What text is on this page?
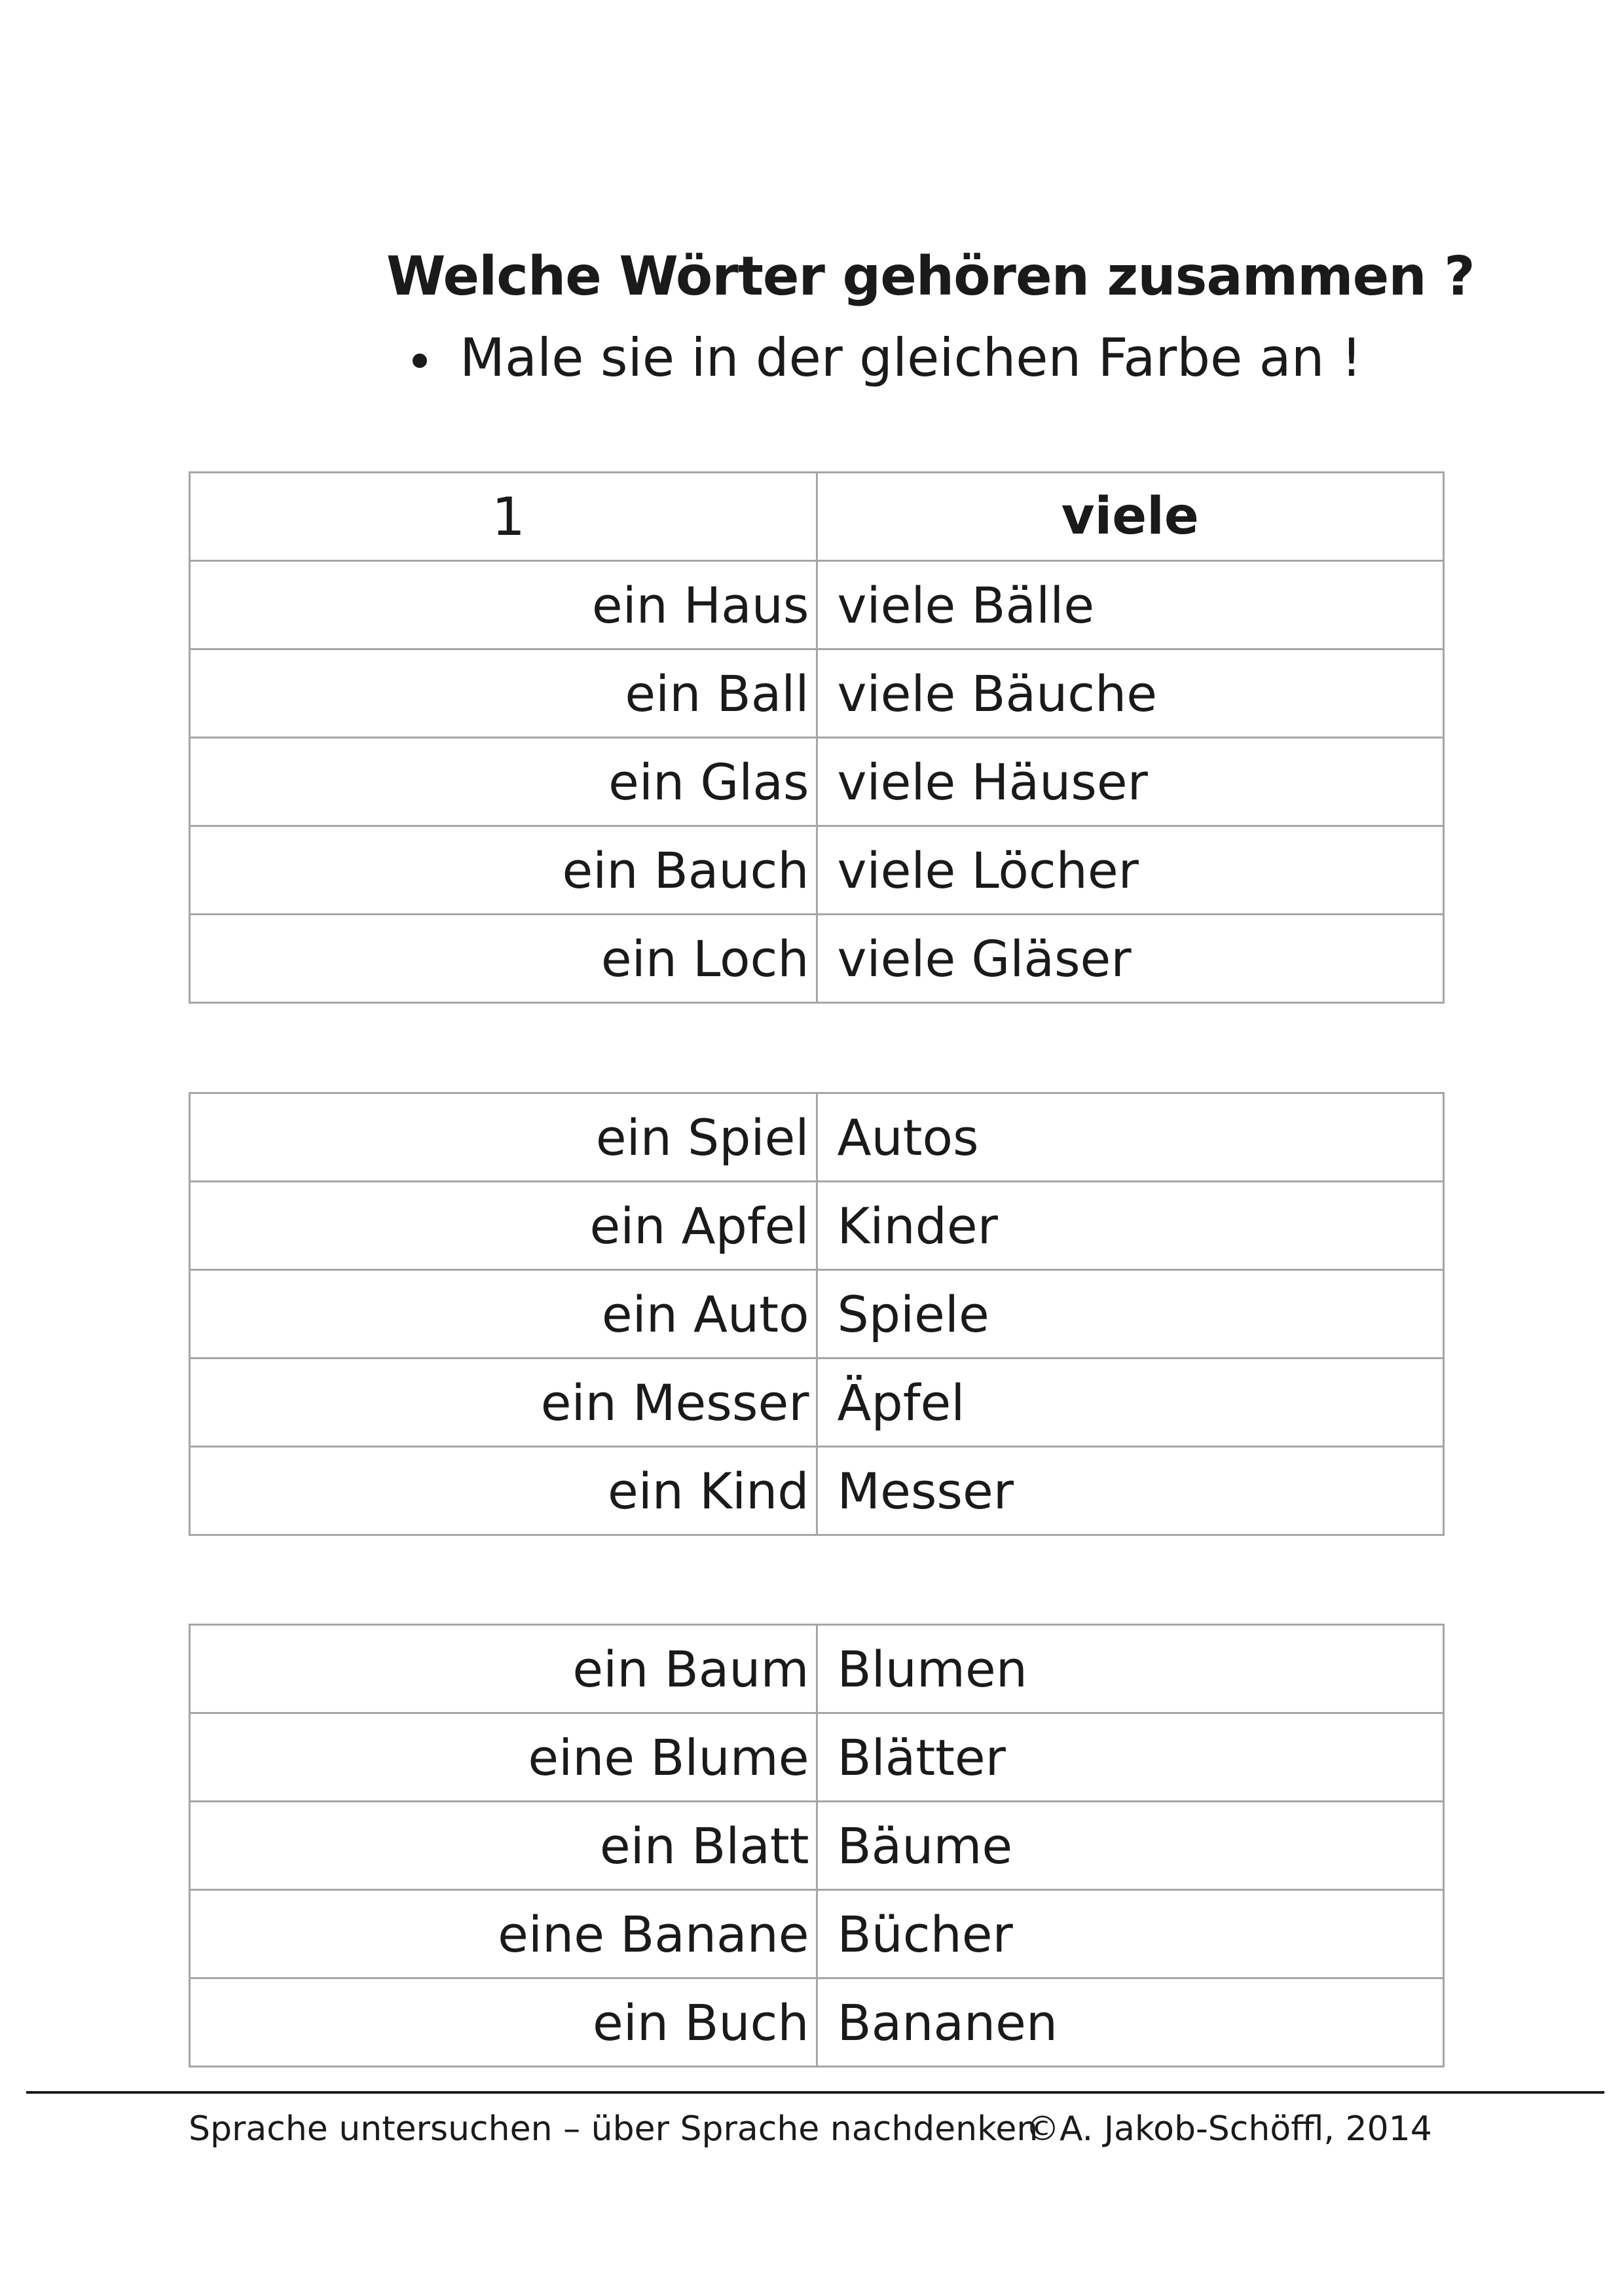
Welche Wörter gehören zusammen ?
Male sie in der gleichen Farbe an !
1	viele
ein Haus	viele Bälle
ein Ball	viele Bäuche
ein Glas	viele Häuser
ein Bauch	viele Löcher
ein Loch	viele Gläser
ein Spiel	Autos
ein Apfel	Kinder
ein Auto	Spiele
ein Messer	Äpfel
ein Kind	Messer
ein Baum	Blumen
eine Blume	Blätter
ein Blatt	Bäume
eine Banane	Bücher
ein Buch	Bananen
Sprache untersuchen – über Sprache nachdenken
©A. Jakob-Schöffl, 2014
